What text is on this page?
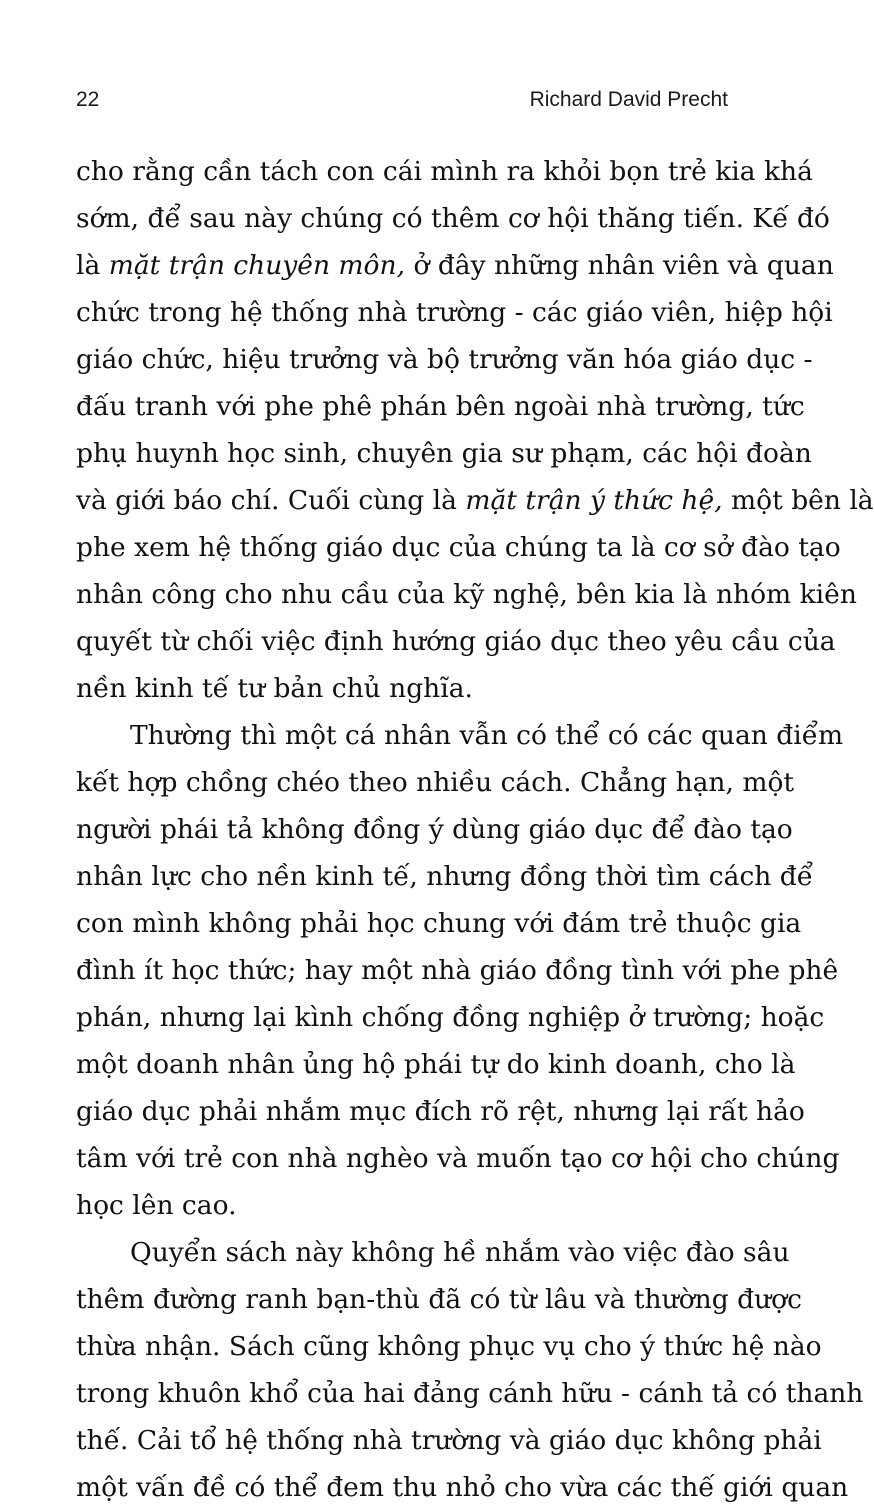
22	Richard David Precht
cho rằng cần tách con cái mình ra khỏi bọn trẻ kia khá
sớm, để sau này chúng có thêm cơ hội thăng tiến. Kế đó
là mặt trận chuyên môn, ở đây những nhân viên và quan
chức trong hệ thống nhà trường - các giáo viên, hiệp hội
giáo chức, hiệu trưởng và bộ trưởng văn hóa giáo dục -
đấu tranh với phe phê phán bên ngoài nhà trường, tức
phụ huynh học sinh, chuyên gia sư phạm, các hội đoàn
và giới báo chí. Cuối cùng là mặt trận ý thức hệ, một bên là
phe xem hệ thống giáo dục của chúng ta là cơ sở đào tạo
nhân công cho nhu cầu của kỹ nghệ, bên kia là nhóm kiên
quyết từ chối việc định hướng giáo dục theo yêu cầu của
nền kinh tế tư bản chủ nghĩa.
Thường thì một cá nhân vẫn có thể có các quan điểm
kết hợp chồng chéo theo nhiều cách. Chẳng hạn, một
người phái tả không đồng ý dùng giáo dục để đào tạo
nhân lực cho nền kinh tế, nhưng đồng thời tìm cách để
con mình không phải học chung với đám trẻ thuộc gia
đình ít học thức; hay một nhà giáo đồng tình với phe phê
phán, nhưng lại kình chống đồng nghiệp ở trường; hoặc
một doanh nhân ủng hộ phái tự do kinh doanh, cho là
giáo dục phải nhắm mục đích rõ rệt, nhưng lại rất hảo
tâm với trẻ con nhà nghèo và muốn tạo cơ hội cho chúng
học lên cao.
Quyển sách này không hề nhắm vào việc đào sâu
thêm đường ranh bạn-thù đã có từ lâu và thường được
thừa nhận. Sách cũng không phục vụ cho ý thức hệ nào
trong khuôn khổ của hai đảng cánh hữu - cánh tả có thanh
thế. Cải tổ hệ thống nhà trường và giáo dục không phải
một vấn đề có thể đem thu nhỏ cho vừa các thế giới quan
